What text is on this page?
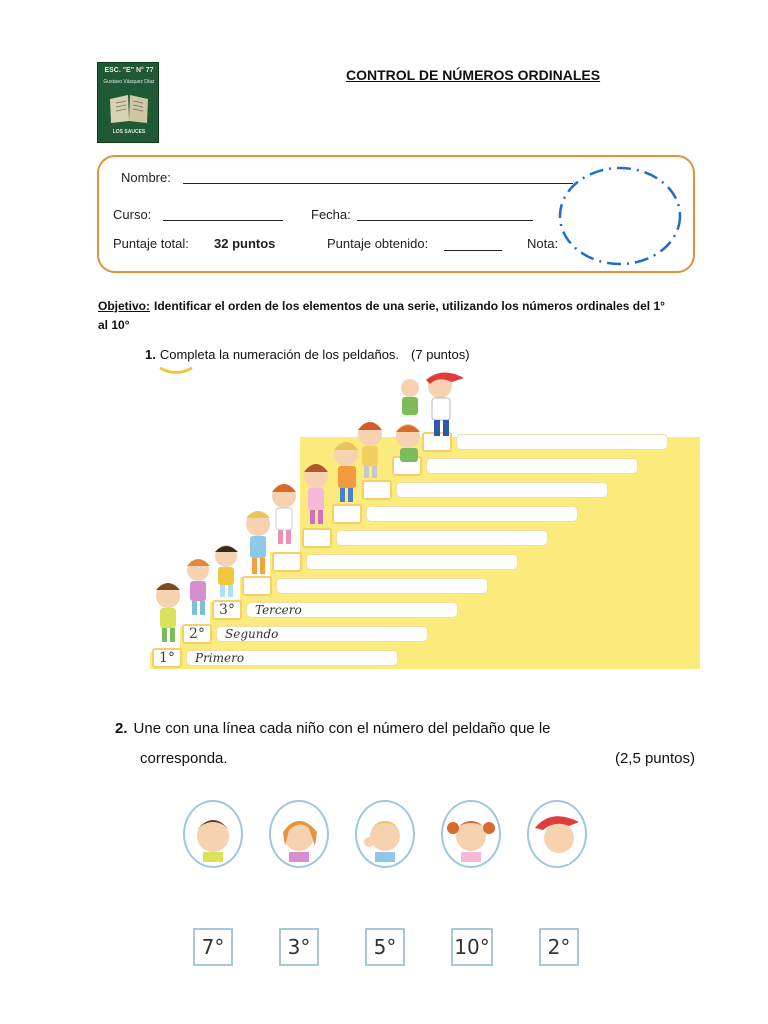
ESC. "E" N° 77
Gustavo Vásquez Díaz
LOS SAUCES
CONTROL DE NÚMEROS ORDINALES
Nombre:
Curso:	Fecha:
Puntaje total: 32 puntos	Puntaje obtenido:	Nota:
Objetivo: Identificar el orden de los elementos de una serie, utilizando los números ordinales del 1° al 10°
1. Completa la numeración de los peldaños. (7 puntos)
1°	Primero
2°	Segundo
3°	Tercero
2. Une con una línea cada niño con el número del peldaño que le
corresponda.	(2,5 puntos)
7°	3°	5°	10°	2°
